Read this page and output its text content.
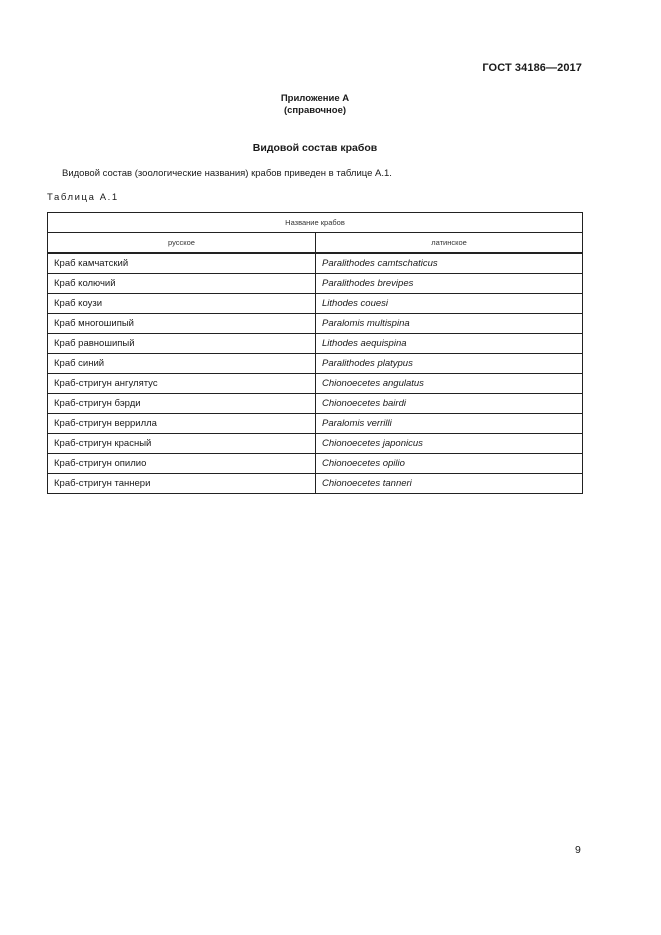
ГОСТ 34186—2017
Приложение А
(справочное)
Видовой состав крабов
Видовой состав (зоологические названия) крабов приведен в таблице А.1.
Таблица А.1
Название крабов	
русское	латинское
Краб камчатский	Paralithodes camtschaticus
Краб колючий	Paralithodes brevipes
Краб коузи	Lithodes couesi
Краб многошипый	Paralomis multispina
Краб равношипый	Lithodes aequispina
Краб синий	Paralithodes platypus
Краб-стригун ангулятус	Chionoecetes angulatus
Краб-стригун бэрди	Chionoecetes bairdi
Краб-стригун веррилла	Paralomis verrilli
Краб-стригун красный	Chionoecetes japonicus
Краб-стригун опилио	Chionoecetes opilio
Краб-стригун таннери	Chionoecetes tanneri
9
